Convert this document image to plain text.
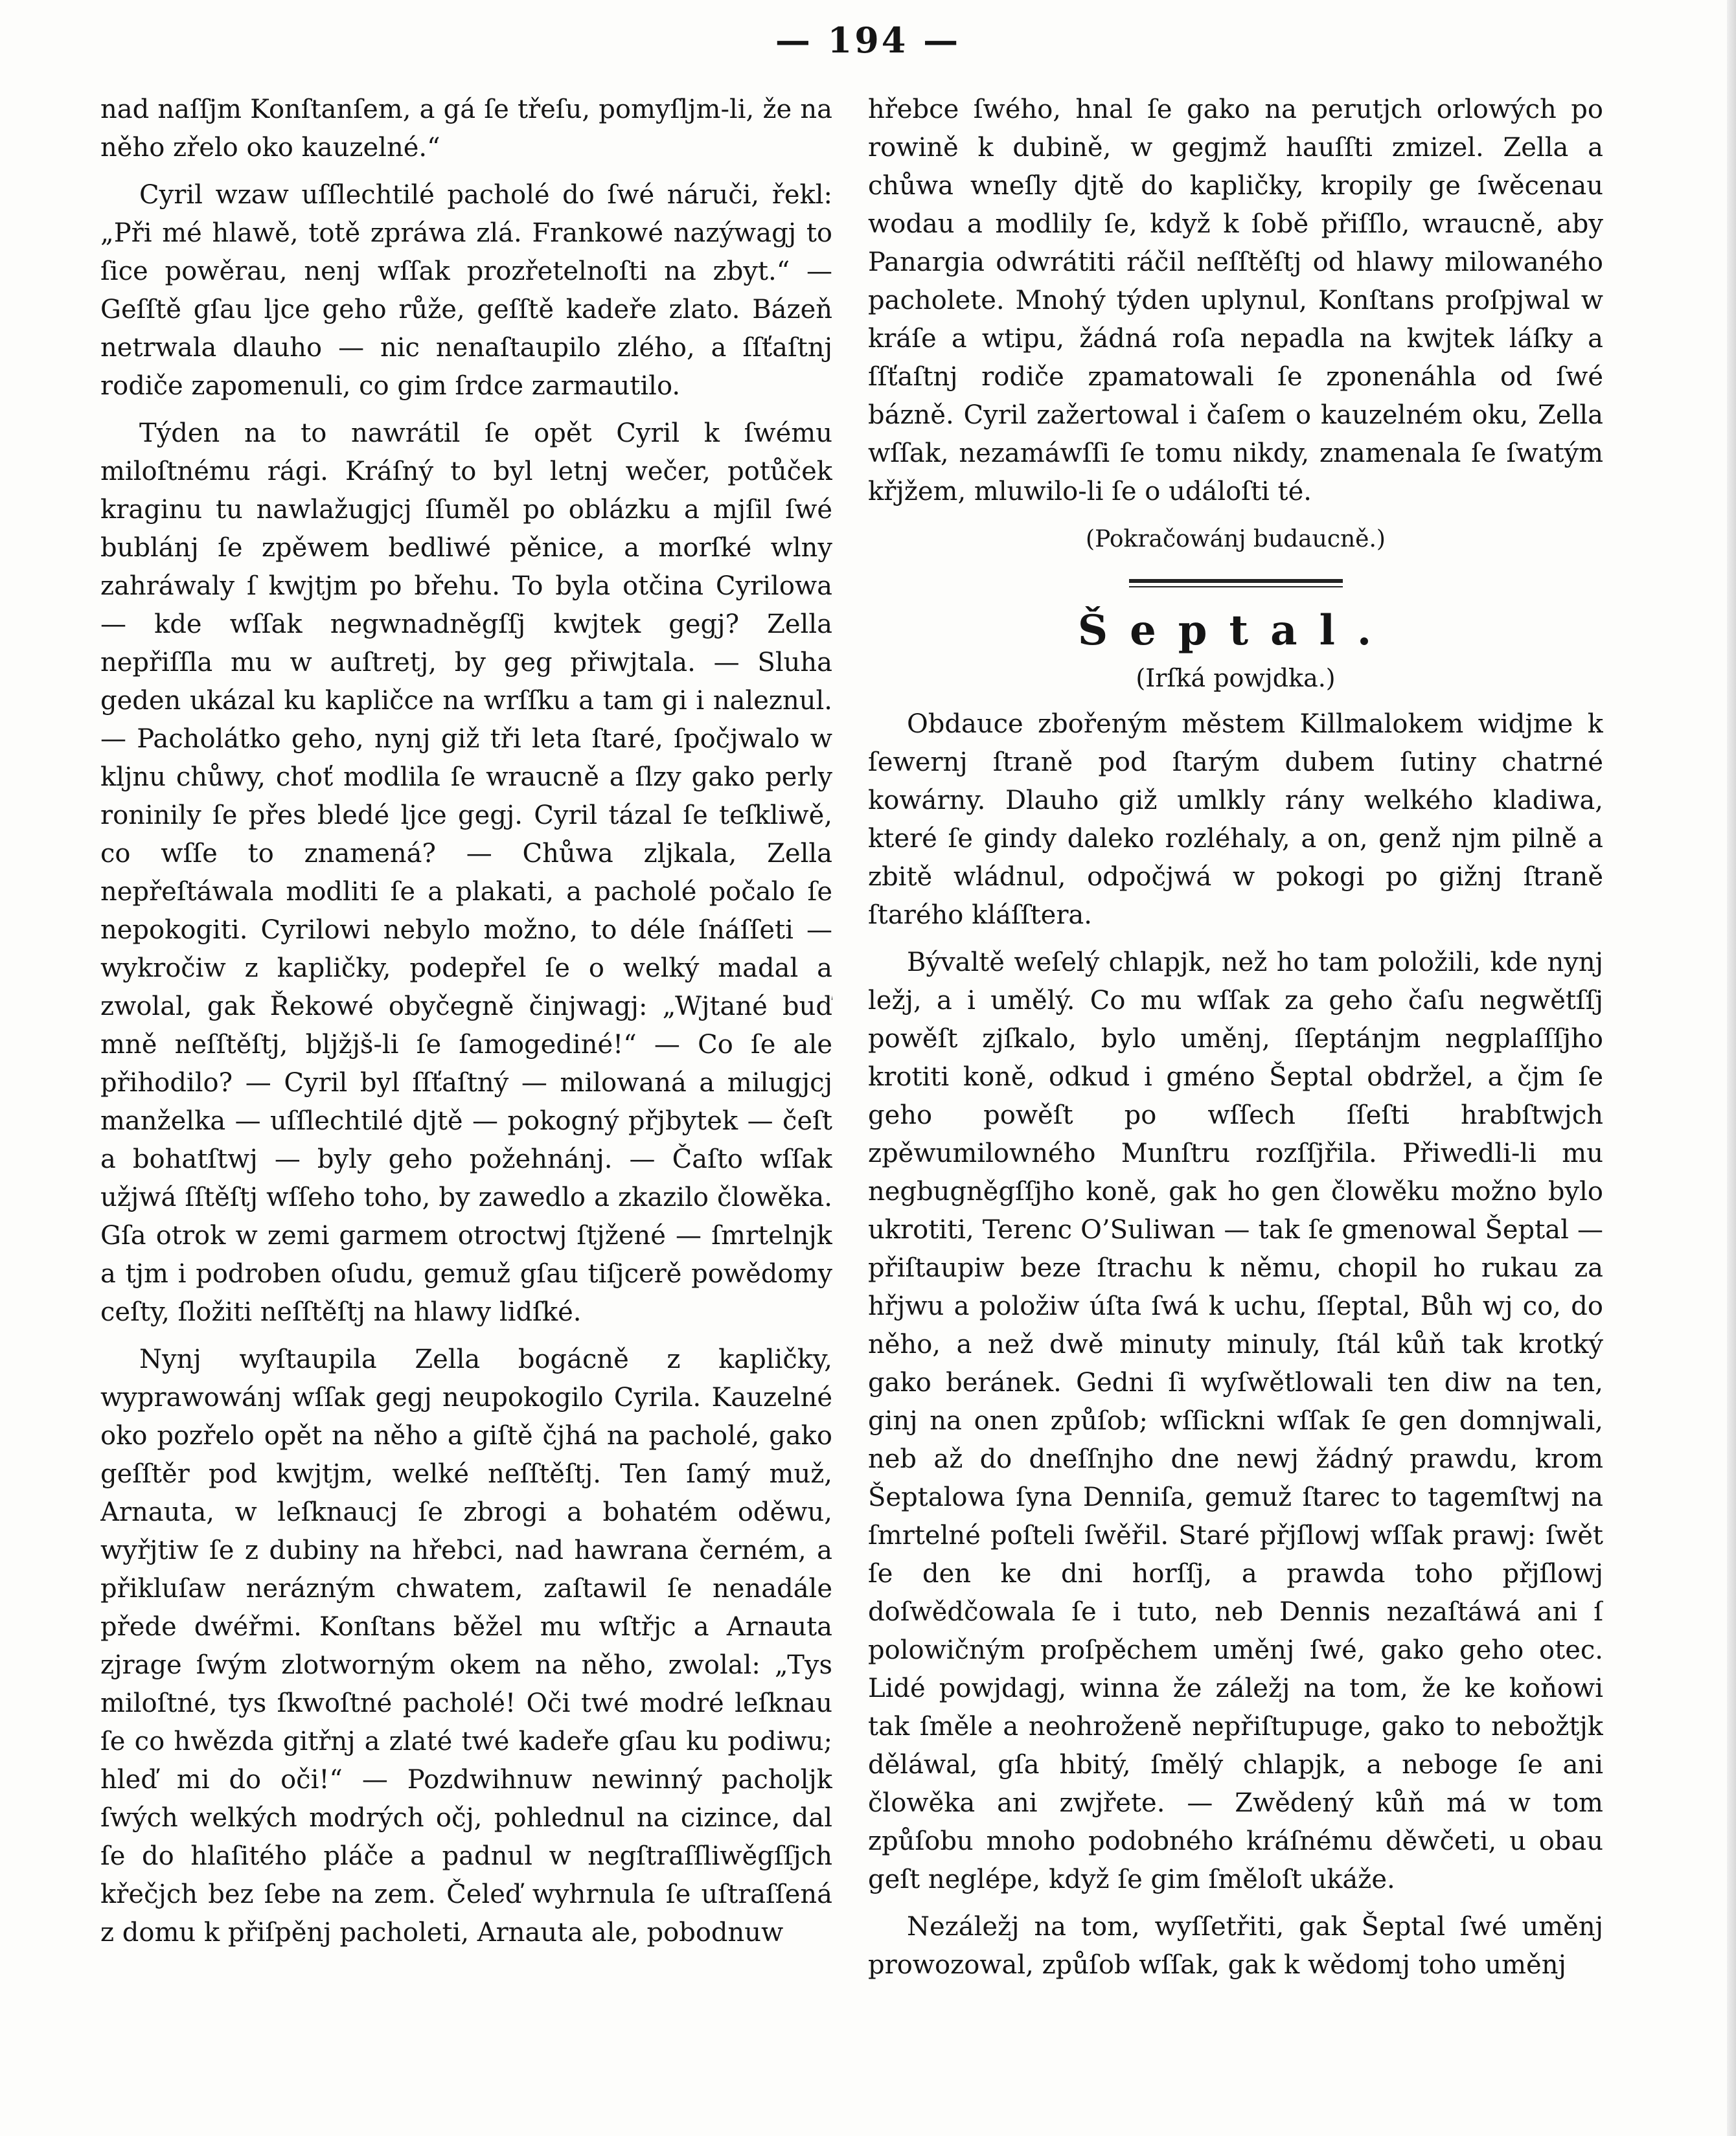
— 194 —

nad naſſjm Konſtanſem, a gá ſe třeſu, pomyſljm-li, že na něho zřelo oko kauzelné.“

Cyril wzaw uſſlechtilé pacholé do ſwé náruči, řekl: „Při mé hlawě, totě zpráwa zlá. Frankowé nazýwagj to ſice powěrau, nenj wſſak prozřetelnoſti na zbyt.“ — Geſſtě gſau ljce geho růže, geſſtě kadeře zlato. Bázeň netrwala dlauho — nic nenaſtaupilo zlého, a ſſťaſtnj rodiče zapomenuli, co gim ſrdce zarmautilo.

Týden na to nawrátil ſe opět Cyril k ſwému miloſtnému rági. Kráſný to byl letnj wečer, potůček kraginu tu nawlažugjcj ſſuměl po oblázku a mjſil ſwé bublánj ſe zpěwem bedliwé pěnice, a morſké wlny zahráwaly ſ kwjtjm po břehu. To byla otčina Cyrilowa — kde wſſak negwnadněgſſj kwjtek gegj? Zella nepřiſſla mu w auſtretj, by geg přiwjtala. — Sluha geden ukázal ku kapličce na wrſſku a tam gi i naleznul. — Pacholátko geho, nynj giž tři leta ſtaré, ſpočjwalo w kljnu chůwy, choť modlila ſe wraucně a ſlzy gako perly roninily ſe přes bledé ljce gegj. Cyril tázal ſe teſkliwě, co wſſe to znamená? — Chůwa zljkala, Zella nepřeſtáwala modliti ſe a plakati, a pacholé počalo ſe nepokogiti. Cyrilowi nebylo možno, to déle ſnáſſeti — wykročiw z kapličky, podepřel ſe o welký madal a zwolal, gak Řekowé obyčegně činjwagj: „Wjtané buď mně neſſtěſtj, bljžjš-li ſe ſamogediné!“ — Co ſe ale přihodilo? — Cyril byl ſſťaſtný — milowaná a milugjcj manželka — uſſlechtilé djtě — pokogný přjbytek — čeſt a bohatſtwj — byly geho požehnánj. — Čaſto wſſak užjwá ſſtěſtj wſſeho toho, by zawedlo a zkazilo člowěka. Gſa otrok w zemi garmem otroctwj ſtjžené — ſmrtelnjk a tjm i podroben oſudu, gemuž gſau tiſjcerě powědomy ceſty, ſložiti neſſtěſtj na hlawy lidſké.

Nynj wyſtaupila Zella bogácně z kapličky, wyprawowánj wſſak gegj neupokogilo Cyrila. Kauzelné oko pozřelo opět na něho a giſtě čjhá na pacholé, gako geſſtěr pod kwjtjm, welké neſſtěſtj. Ten ſamý muž, Arnauta, w leſknaucj ſe zbrogi a bohatém oděwu, wyřjtiw ſe z dubiny na hřebci, nad hawrana černém, a přikluſaw nerázným chwatem, zaſtawil ſe nenadále přede dwéřmi. Konſtans běžel mu wſtřjc a Arnauta zjrage ſwým zlotworným okem na něho, zwolal: „Tys miloſtné, tys ſkwoſtné pacholé! Oči twé modré leſknau ſe co hwězda gitřnj a zlaté twé kadeře gſau ku podiwu; hleď mi do oči!“ — Pozdwihnuw newinný pacholjk ſwých welkých modrých očj, pohlednul na cizince, dal ſe do hlaſitého pláče a padnul w negſtraſſliwěgſſjch křečjch bez ſebe na zem. Čeleď wyhrnula ſe uſtraſſená z domu k přiſpěnj pacholeti, Arnauta ale, pobodnuw

hřebce ſwého, hnal ſe gako na perutjch orlowých po rowině k dubině, w gegjmž hauſſti zmizel. Zella a chůwa wneſly djtě do kapličky, kropily ge ſwěcenau wodau a modlily ſe, když k ſobě přiſſlo, wraucně, aby Panargia odwrátiti ráčil neſſtěſtj od hlawy milowaného pacholete. Mnohý týden uplynul, Konſtans proſpjwal w kráſe a wtipu, žádná roſa nepadla na kwjtek láſky a ſſťaſtnj rodiče zpamatowali ſe zponenáhla od ſwé bázně. Cyril zažertowal i čaſem o kauzelném oku, Zella wſſak, nezamáwſſi ſe tomu nikdy, znamenala ſe ſwatým křjžem, mluwilo-li ſe o událoſti té.

(Pokračowánj budaucně.)
Šeptal.
(Irſká powjdka.)

Obdauce zbořeným městem Killmalokem widjme k ſewernj ſtraně pod ſtarým dubem ſutiny chatrné kowárny. Dlauho giž umlkly rány welkého kladiwa, které ſe gindy daleko rozléhaly, a on, genž njm pilně a zbitě wládnul, odpočjwá w pokogi po gižnj ſtraně ſtarého kláſſtera.

Bývaltě weſelý chlapjk, než ho tam položili, kde nynj ležj, a i umělý. Co mu wſſak za geho čaſu negwětſſj powěſt zjſkalo, bylo uměnj, ſſeptánjm negplaſſſjho krotiti koně, odkud i gméno Šeptal obdržel, a čjm ſe geho powěſt po wſſech ſſeſti hrabſtwjch zpěwumilowného Munſtru rozſſjřila. Přiwedli-li mu negbugněgſſjho koně, gak ho gen člowěku možno bylo ukrotiti, Terenc O’Suliwan — tak ſe gmenowal Šeptal — přiſtaupiw beze ſtrachu k němu, chopil ho rukau za hřjwu a položiw úſta ſwá k uchu, ſſeptal, Bůh wj co, do něho, a než dwě minuty minuly, ſtál kůň tak krotký gako beránek. Gedni ſi wyſwětlowali ten diw na ten, ginj na onen způſob; wſſickni wſſak ſe gen domnjwali, neb až do dneſſnjho dne newj žádný prawdu, krom Šeptalowa ſyna Denniſa, gemuž ſtarec to tagemſtwj na ſmrtelné poſteli ſwěřil. Staré přjſlowj wſſak prawj: ſwět ſe den ke dni horſſj, a prawda toho přjſlowj doſwědčowala ſe i tuto, neb Dennis nezaſtáwá ani ſ polowičným proſpěchem uměnj ſwé, gako geho otec. Lidé powjdagj, winna že záležj na tom, že ke koňowi tak ſměle a neohroženě nepřiſtupuge, gako to nebožtjk děláwal, gſa hbitý, ſmělý chlapjk, a neboge ſe ani člowěka ani zwjřete. — Zwědený kůň má w tom způſobu mnoho podobného kráſnému děwčeti, u obau geſt neglépe, když ſe gim ſměloſt ukáže.

Nezáležj na tom, wyſſetřiti, gak Šeptal ſwé uměnj prowozowal, způſob wſſak, gak k wědomj toho uměnj
